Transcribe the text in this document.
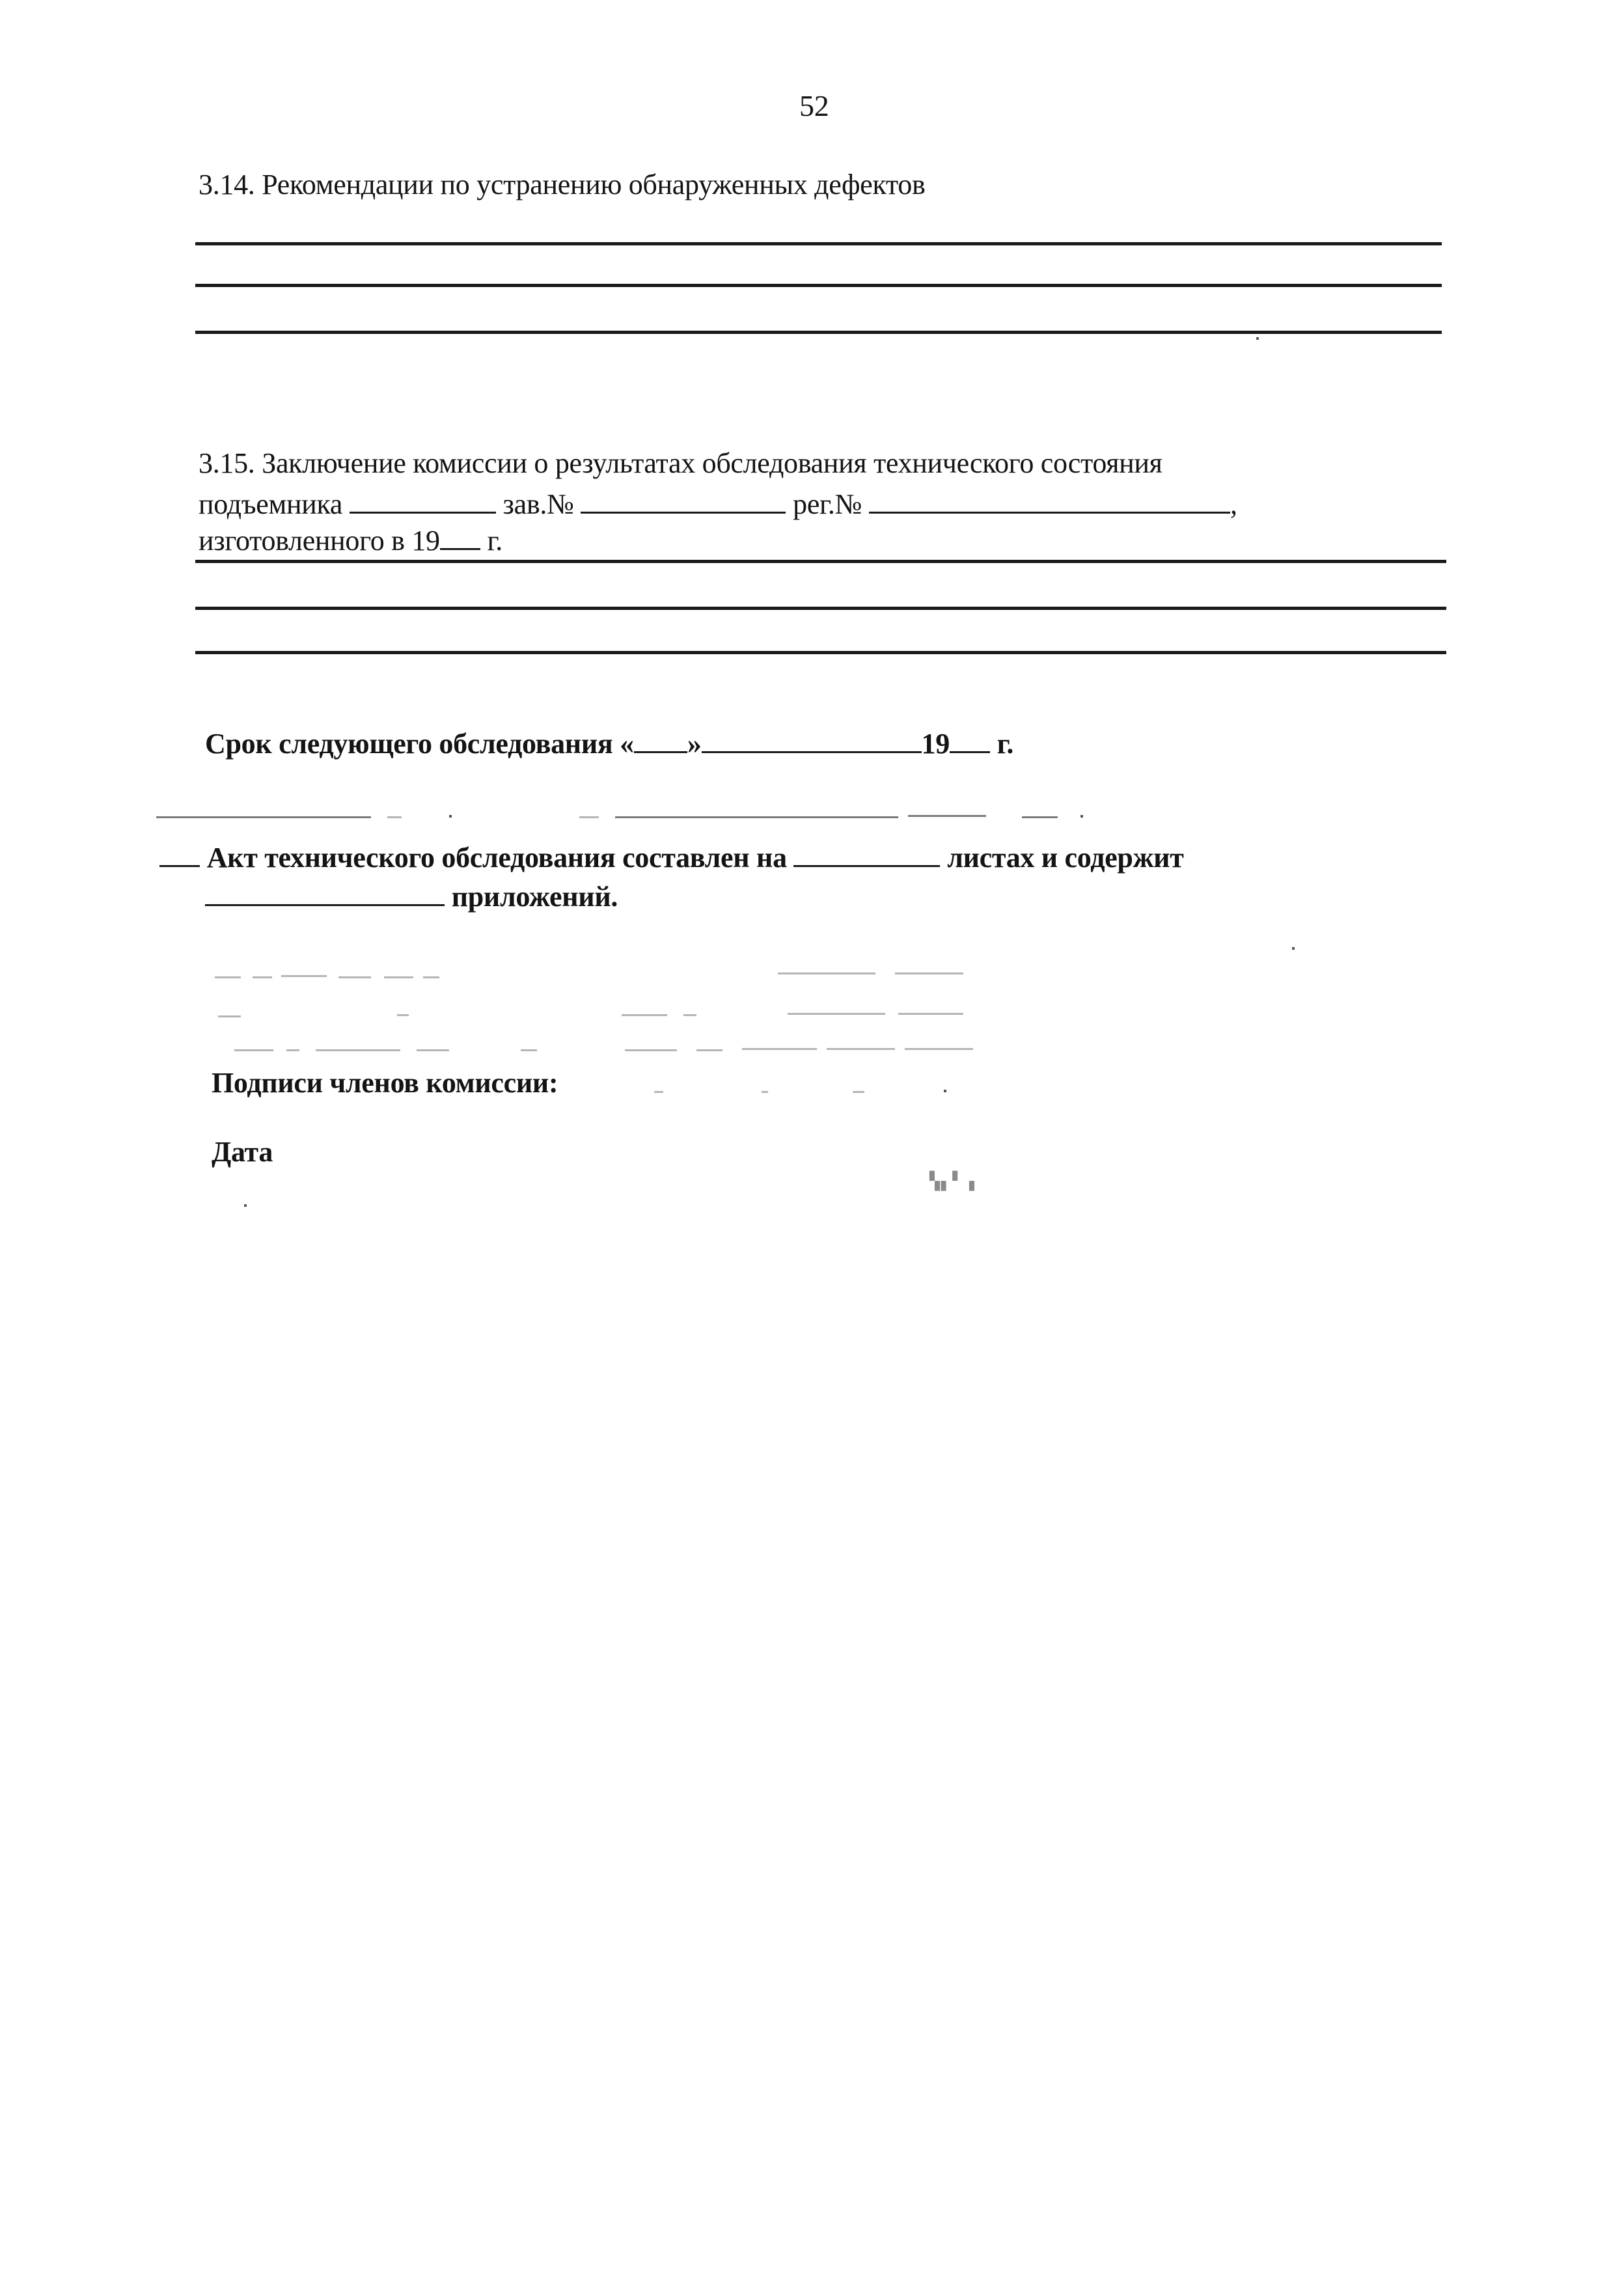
52
3.14. Рекомендации по устранению обнаруженных дефектов
3.15. Заключение комиссии о результатах обследования технического состояния
подъемника	зав.№	рег.№	,
изготовленного в 19 г.
Срок следующего обследования « »	19 г.
Акт технического обследования составлен на	листах и содержит
приложений.
Подписи членов комиссии:
Дата
▚▖▘▗
